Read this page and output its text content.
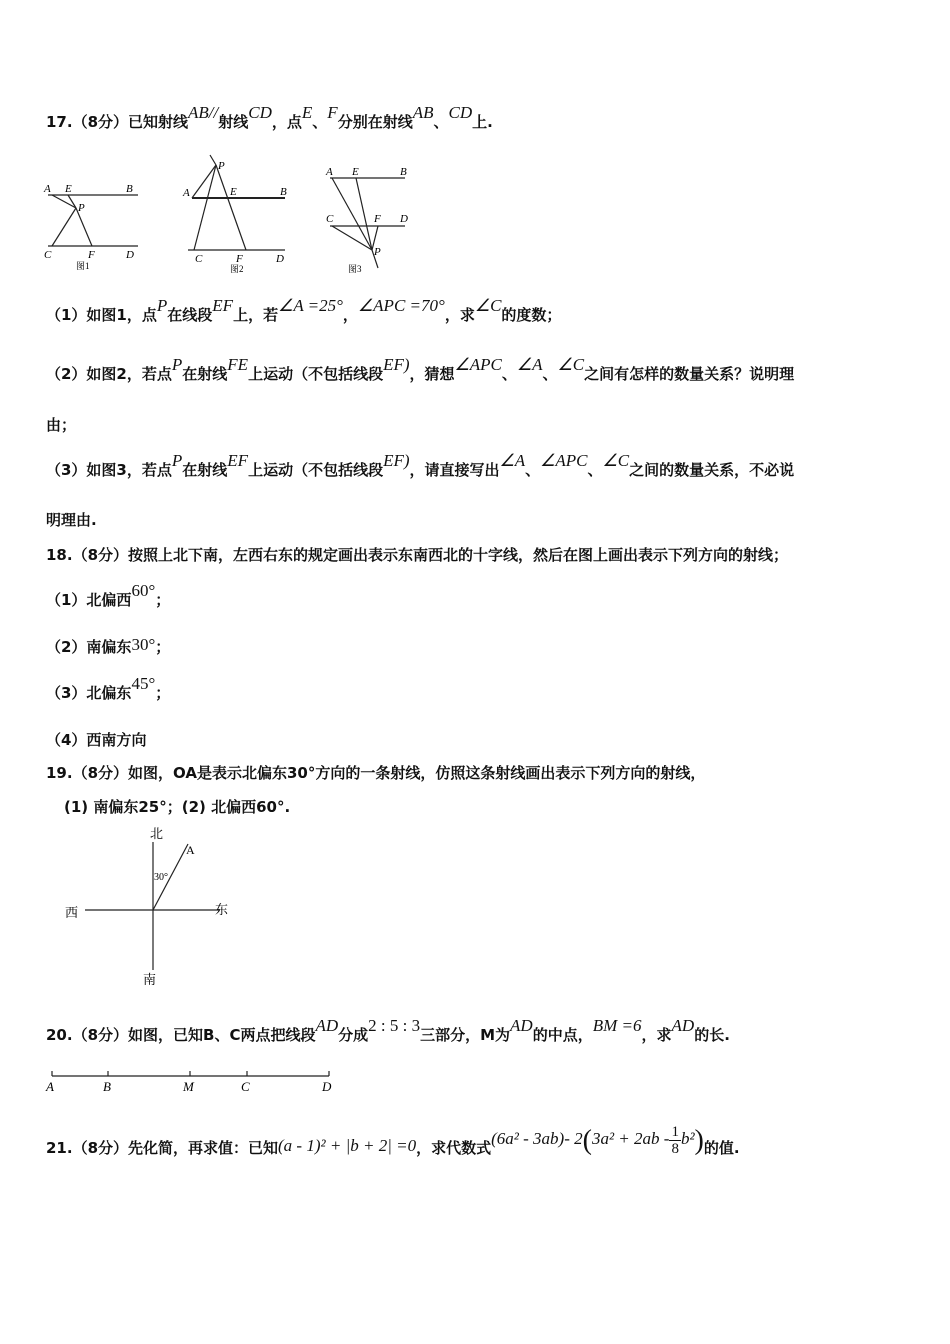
17.（8分）已知射线AB//射线CD，点E、F分别在射线AB、CD上.
A E	B
P
C	F	D
图1
P
A	E	B
C	F	D
图2
A E	B
C	F D
P
图3
（1）如图1，点P在线段EF上，若∠A =25°，∠APC =70°，求∠C的度数；
（2）如图2，若点P在射线FE上运动（不包括线段EF)，猜想∠APC、∠A、∠C之间有怎样的数量关系？说明理
由；
（3）如图3，若点P在射线EF上运动（不包括线段EF)，请直接写出∠A、∠APC、∠C之间的数量关系，不必说
明理由.
18.（8分）按照上北下南，左西右东的规定画出表示东南西北的十字线，然后在图上画出表示下列方向的射线；
（1）北偏西60°；
（2）南偏东30°；
（3）北偏东45°；
（4）西南方向
19.（8分）如图，OA是表示北偏东30°方向的一条射线，仿照这条射线画出表示下列方向的射线，
(1) 南偏东25°；(2) 北偏西60°.
北
南
西	东
A
30°
20.（8分）如图，已知B、C两点把线段AD分成2 : 5 : 3三部分，M为AD的中点，BM =6，求AD的长.
A	B	M	C	D
21.（8分）先化简，再求值：已知(a - 1)² + |b + 2| =0，求代数式(6a² - 3ab)- $2(3a^2 + 2ab - \frac{1}{8} b^2)$的值.
